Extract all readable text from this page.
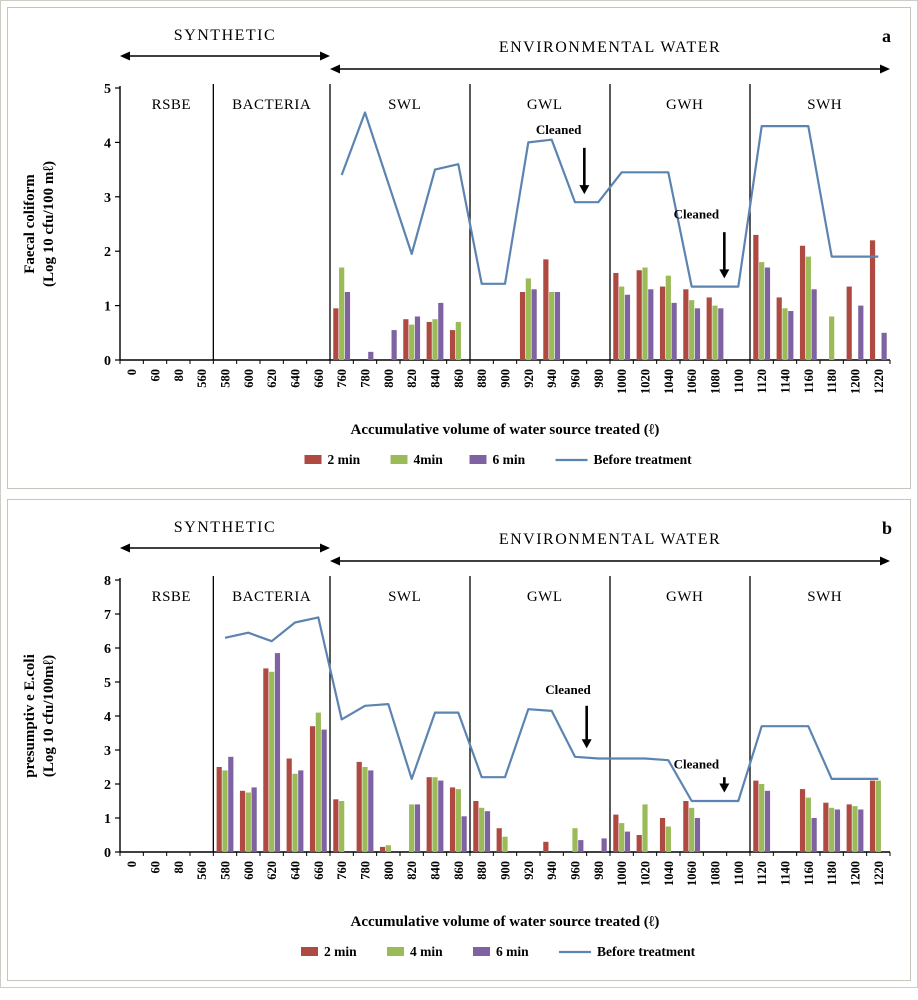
a
SYNTHETIC
ENVIRONMENTAL WATER
Faecal coliform (Log 10 cfu/100 mℓ)
0
1
2
3
4
5
0 60 80 560 580 600 620 640 660 760 780 800 820 840 860 880 900 920 940 960 980 1000 1020 1040 1060 1080 1100 1120 1140 1160 1180 1200 1220
RSBE	BACTERIA	SWL	GWL	GWH	SWH
Cleaned
Cleaned
Accumulative volume of water source treated (ℓ)
2 min	4min	6 min	Before treatment
b
SYNTHETIC
ENVIRONMENTAL WATER
presumptiv e E.coli (Log 10 cfu/100mℓ)
0
1
2
3
4
5
6
7
8
0 60 80 560 580 600 620 640 660 760 780 800 820 840 860 880 900 920 940 960 980 1000 1020 1040 1060 1080 1100 1120 1140 1160 1180 1200 1220
RSBE	BACTERIA	SWL	GWL	GWH	SWH
Cleaned
Cleaned
Accumulative volume of water source treated (ℓ)
2 min	4 min	6 min	Before treatment
